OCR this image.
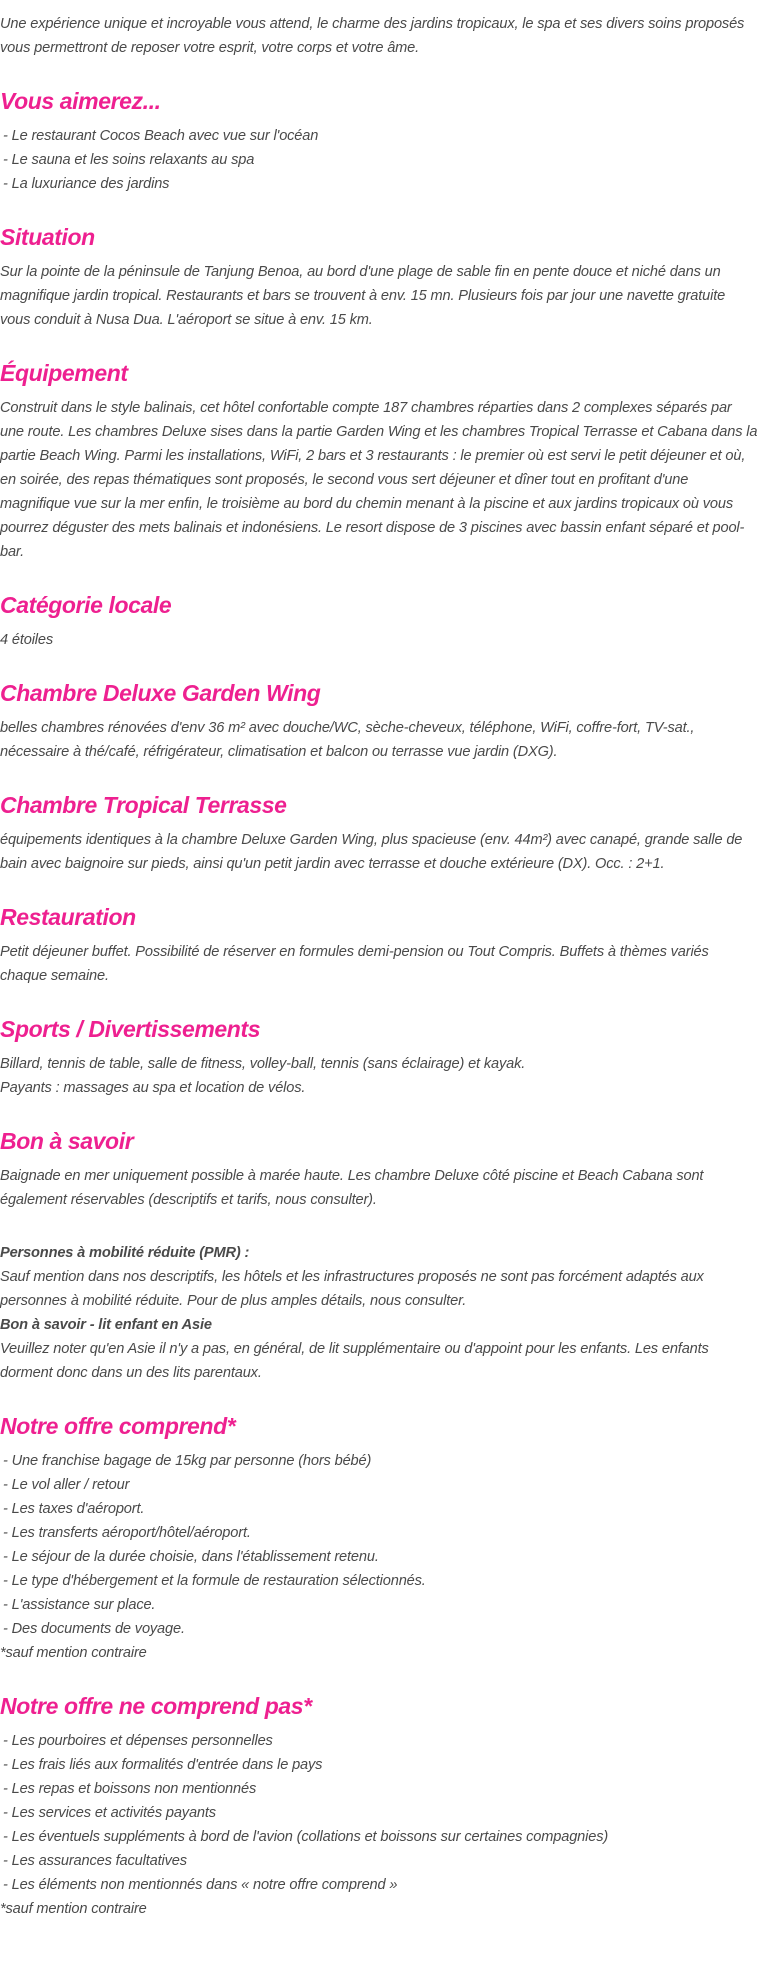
Une expérience unique et incroyable vous attend, le charme des jardins tropicaux, le spa et ses divers soins proposés vous permettront de reposer votre esprit, votre corps et votre âme.

Vous aimerez...
- Le restaurant Cocos Beach avec vue sur l'océan
- Le sauna et les soins relaxants au spa
- La luxuriance des jardins
Situation

Sur la pointe de la péninsule de Tanjung Benoa, au bord d'une plage de sable fin en pente douce et niché dans un magnifique jardin tropical. Restaurants et bars se trouvent à env. 15 mn. Plusieurs fois par jour une navette gratuite vous conduit à Nusa Dua. L'aéroport se situe à env. 15 km.

Équipement

Construit dans le style balinais, cet hôtel confortable compte 187 chambres réparties dans 2 complexes séparés par une route. Les chambres Deluxe sises dans la partie Garden Wing et les chambres Tropical Terrasse et Cabana dans la partie Beach Wing. Parmi les installations, WiFi, 2 bars et 3 restaurants : le premier où est servi le petit déjeuner et où, en soirée, des repas thématiques sont proposés, le second vous sert déjeuner et dîner tout en profitant d'une magnifique vue sur la mer enfin, le troisième au bord du chemin menant à la piscine et aux jardins tropicaux où vous pourrez déguster des mets balinais et indonésiens. Le resort dispose de 3 piscines avec bassin enfant séparé et pool-bar.

Catégorie locale

4 étoiles

Chambre Deluxe Garden Wing

belles chambres rénovées d'env 36 m² avec douche/WC, sèche-cheveux, téléphone, WiFi, coffre-fort, TV-sat., nécessaire à thé/café, réfrigérateur, climatisation et balcon ou terrasse vue jardin (DXG).

Chambre Tropical Terrasse

équipements identiques à la chambre Deluxe Garden Wing, plus spacieuse (env. 44m²) avec canapé, grande salle de bain avec baignoire sur pieds, ainsi qu'un petit jardin avec terrasse et douche extérieure (DX). Occ. : 2+1.

Restauration

Petit déjeuner buffet. Possibilité de réserver en formules demi-pension ou Tout Compris. Buffets à thèmes variés chaque semaine.

Sports / Divertissements

Billard, tennis de table, salle de fitness, volley-ball, tennis (sans éclairage) et kayak.

Payants : massages au spa et location de vélos.

Bon à savoir

Baignade en mer uniquement possible à marée haute. Les chambre Deluxe côté piscine et Beach Cabana sont également réservables (descriptifs et tarifs, nous consulter).

Personnes à mobilité réduite (PMR) :

Sauf mention dans nos descriptifs, les hôtels et les infrastructures proposés ne sont pas forcément adaptés aux personnes à mobilité réduite. Pour de plus amples détails, nous consulter.

Bon à savoir - lit enfant en Asie

Veuillez noter qu'en Asie il n'y a pas, en général, de lit supplémentaire ou d'appoint pour les enfants. Les enfants dorment donc dans un des lits parentaux.

Notre offre comprend*
- Une franchise bagage de 15kg par personne (hors bébé)
- Le vol aller / retour
- Les taxes d'aéroport.
- Les transferts aéroport/hôtel/aéroport.
- Le séjour de la durée choisie, dans l'établissement retenu.
- Le type d'hébergement et la formule de restauration sélectionnés.
- L'assistance sur place.
- Des documents de voyage.

*sauf mention contraire

Notre offre ne comprend pas*
- Les pourboires et dépenses personnelles
- Les frais liés aux formalités d'entrée dans le pays
- Les repas et boissons non mentionnés
- Les services et activités payants
- Les éventuels suppléments à bord de l'avion (collations et boissons sur certaines compagnies)
- Les assurances facultatives
- Les éléments non mentionnés dans « notre offre comprend »

*sauf mention contraire
